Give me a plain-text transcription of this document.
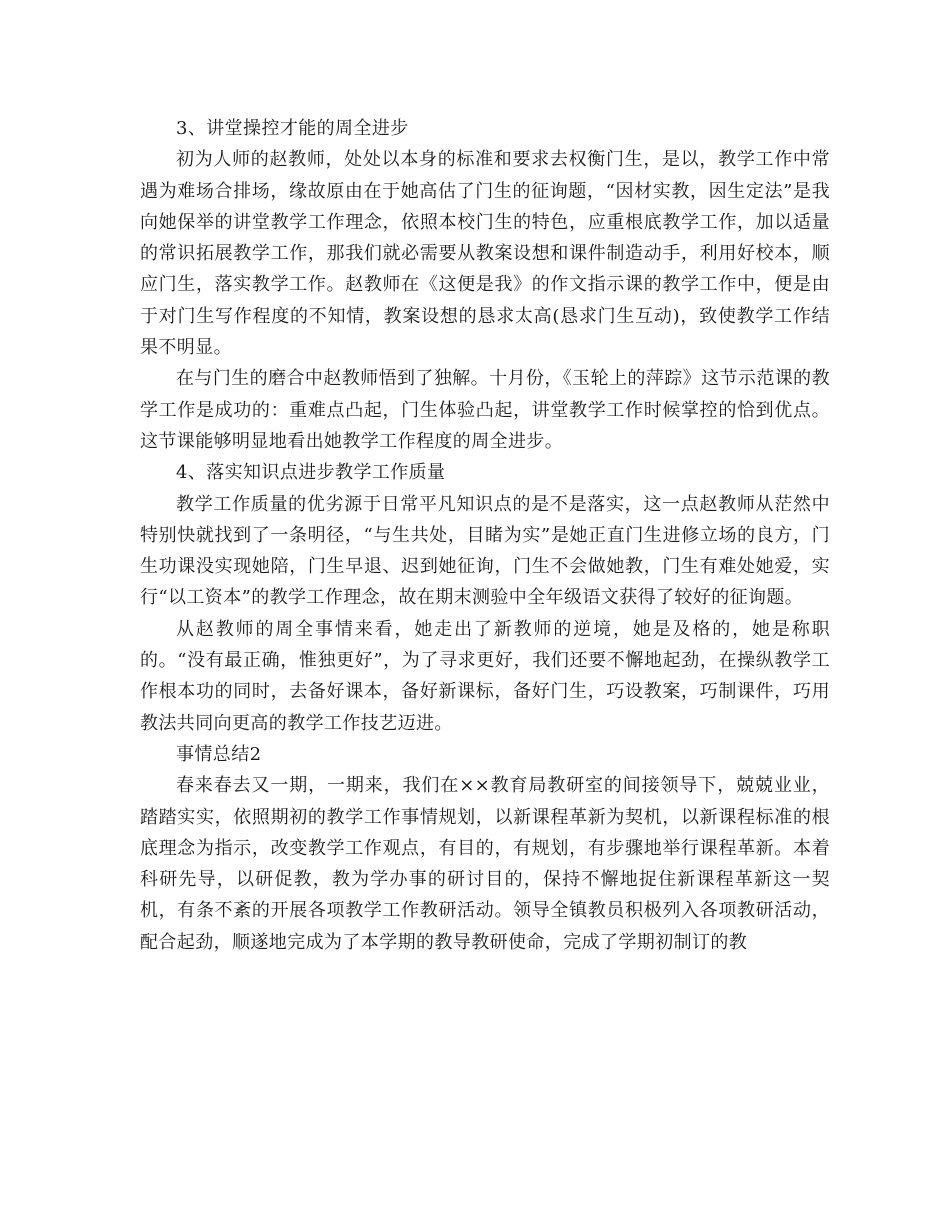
3、讲堂操控才能的周全进步

初为人师的赵教师，处处以本身的标准和要求去权衡门生，是以，教学工作中常遇为难场合排场，缘故原由在于她高估了门生的征询题，“因材实教，因生定法”是我向她保举的讲堂教学工作理念，依照本校门生的特色，应重根底教学工作，加以适量的常识拓展教学工作，那我们就必需要从教案设想和课件制造动手，利用好校本，顺应门生，落实教学工作。赵教师在《这便是我》的作文指示课的教学工作中，便是由于对门生写作程度的不知情，教案设想的恳求太高(恳求门生互动)，致使教学工作结果不明显。

在与门生的磨合中赵教师悟到了独解。十月份，《玉轮上的萍踪》这节示范课的教学工作是成功的：重难点凸起，门生体验凸起，讲堂教学工作时候掌控的恰到优点。这节课能够明显地看出她教学工作程度的周全进步。

4、落实知识点进步教学工作质量

教学工作质量的优劣源于日常平凡知识点的是不是落实，这一点赵教师从茫然中特别快就找到了一条明径，“与生共处，目睹为实”是她正直门生进修立场的良方，门生功课没实现她陪，门生早退、迟到她征询，门生不会做她教，门生有难处她爱，实行“以工资本”的教学工作理念，故在期末测验中全年级语文获得了较好的征询题。

从赵教师的周全事情来看，她走出了新教师的逆境，她是及格的，她是称职的。“没有最正确，惟独更好”，为了寻求更好，我们还要不懈地起劲，在操纵教学工作根本功的同时，去备好课本，备好新课标，备好门生，巧设教案，巧制课件，巧用教法共同向更高的教学工作技艺迈进。

事情总结2

春来春去又一期，一期来，我们在××教育局教研室的间接领导下，兢兢业业，踏踏实实，依照期初的教学工作事情规划，以新课程革新为契机，以新课程标准的根底理念为指示，改变教学工作观点，有目的，有规划，有步骤地举行课程革新。本着科研先导，以研促教，教为学办事的研讨目的，保持不懈地捉住新课程革新这一契机，有条不紊的开展各项教学工作教研活动。领导全镇教员积极列入各项教研活动，配合起劲，顺遂地完成为了本学期的教导教研使命，完成了学期初制订的教
